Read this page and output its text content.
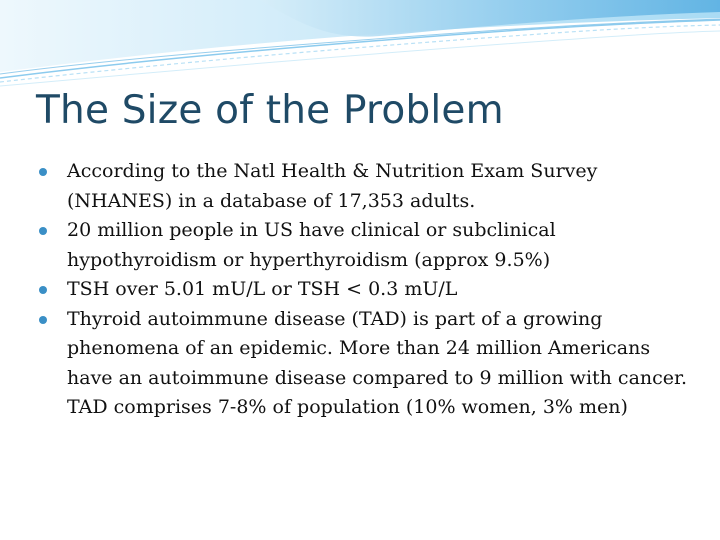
The Size of the Problem
According to the Natl Health & Nutrition Exam Survey (NHANES) in a database of 17,353 adults.
20 million people in US have clinical or subclinical hypothyroidism or hyperthyroidism (approx 9.5%)
TSH over 5.01 mU/L or TSH < 0.3 mU/L
Thyroid autoimmune disease (TAD) is part of a growing phenomena of an epidemic. More than 24 million Americans have an autoimmune disease compared to 9 million with cancer. TAD comprises 7-8% of population (10% women, 3% men)
